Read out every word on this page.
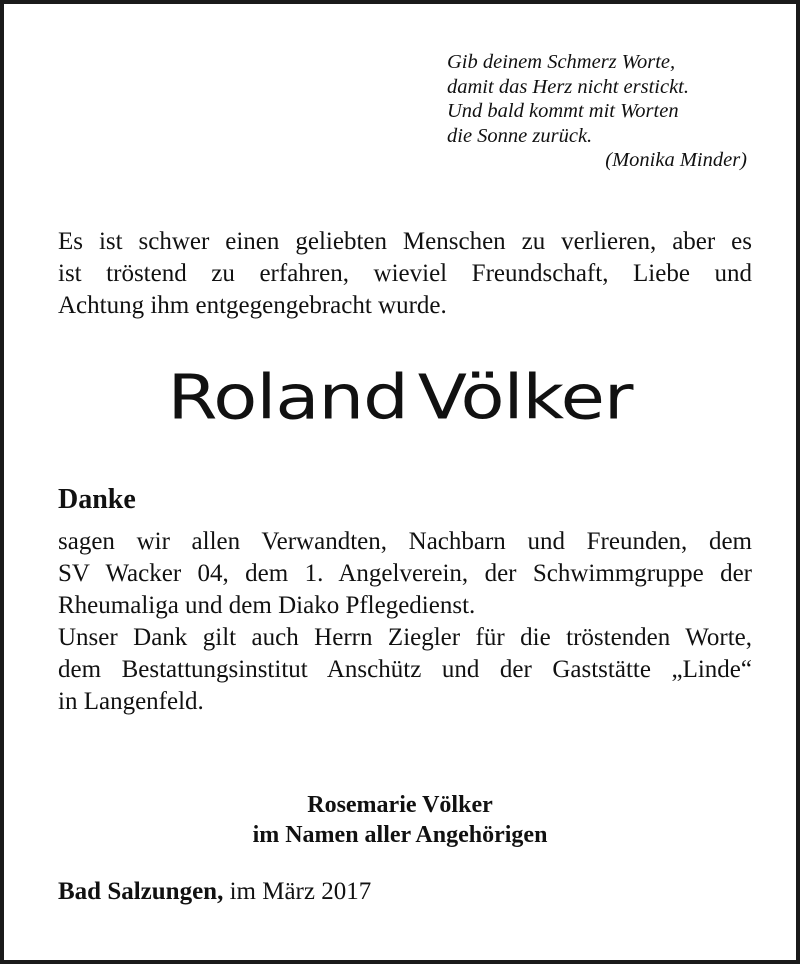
Gib deinem Schmerz Worte,
damit das Herz nicht erstickt.
Und bald kommt mit Worten
die Sonne zurück.
(Monika Minder)
Es ist schwer einen geliebten Menschen zu verlieren, aber es
ist tröstend zu erfahren, wieviel Freundschaft, Liebe und
Achtung ihm entgegengebracht wurde.
Roland Völker
Danke
sagen wir allen Verwandten, Nachbarn und Freunden, dem
SV Wacker 04, dem 1. Angelverein, der Schwimmgruppe der
Rheumaliga und dem Diako Pflegedienst.
Unser Dank gilt auch Herrn Ziegler für die tröstenden Worte,
dem Bestattungsinstitut Anschütz und der Gaststätte „Linde“
in Langenfeld.
Rosemarie Völker
im Namen aller Angehörigen
Bad Salzungen, im März 2017
